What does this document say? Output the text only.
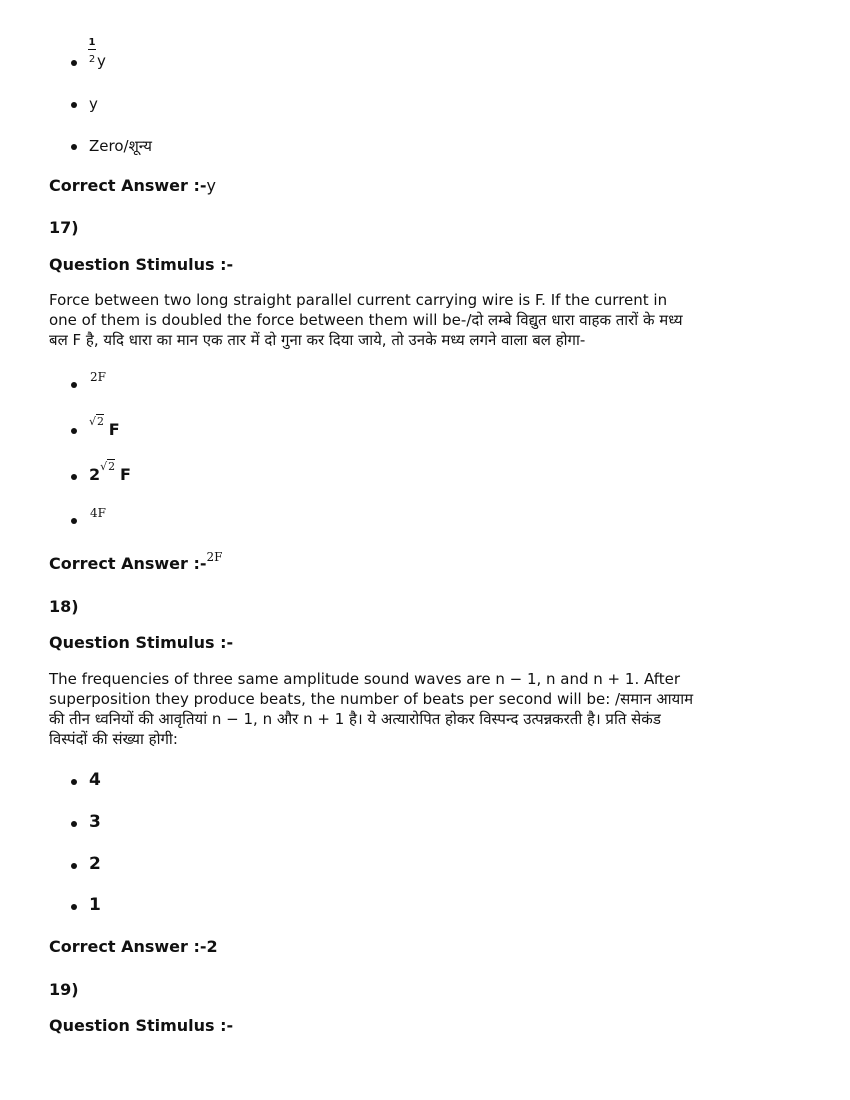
1
2 y
y
Zero/शून्य
Correct Answer :-y
17)
Question Stimulus :-
Force between two long straight parallel current carrying wire is F. If the current in
one of them is doubled the force between them will be-/दो लम्बे विद्युत धारा वाहक तारों के मध्य
बल F है, यदि धारा का मान एक तार में दो गुना कर दिया जाये, तो उनके मध्य लगने वाला बल होगा-
2F
√2 F
2√2 F
4F
Correct Answer :-$^{2F}$
18)
Question Stimulus :-
The frequencies of three same amplitude sound waves are n − 1, n and n + 1. After
superposition they produce beats, the number of beats per second will be: /समान आयाम
की तीन ध्वनियों की आवृतियां n − 1, n और n + 1 है। ये अत्यारोपित होकर विस्पन्द उत्पन्नकरती है। प्रति सेकंड
विस्पंदों की संख्या होगी:
4
3
2
1
Correct Answer :-2
19)
Question Stimulus :-
